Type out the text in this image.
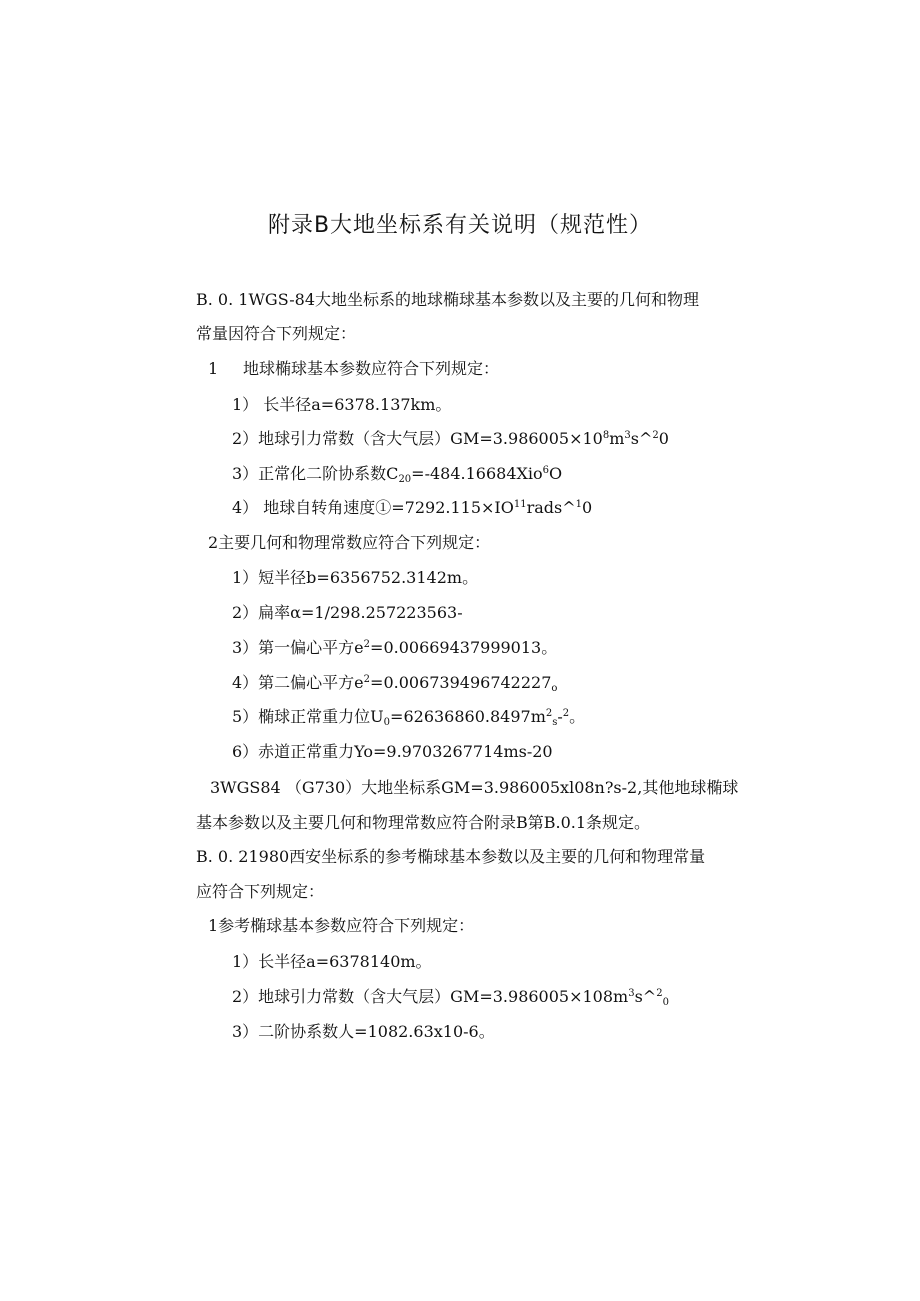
附录B大地坐标系有关说明（规范性）
B. 0. 1WGS-84大地坐标系的地球椭球基本参数以及主要的几何和物理
常量因符合下列规定：
1 地球椭球基本参数应符合下列规定：
1） 长半径a=6378.137km。
2）地球引力常数（含大气层）$GM=3.986005\times 10^8m^3s\^{}^20$
3）正常化二阶协系数$C_{20}=-484.16684Xio^6O$
4） 地球自转角速度$①=7292.115\times IO^{11}rads\^{}^10$
2主要几何和物理常数应符合下列规定：
1）短半径b=6356752.3142m。
2）扁率α=1/298.257223563-
3）第一偏心平方$e^2=0.00669437999013$。
4）第二偏心平方$e^2=0.006739496742227_o$
5）椭球正常重力位$U_0=62636860.8497m^2_s-^2$。
6）赤道正常重力Yo=9.9703267714ms-20
3WGS84 （G730）大地坐标系GM=3.986005xl08n?s-2,其他地球椭球
基本参数以及主要几何和物理常数应符合附录B第B.0.1条规定。
B. 0. 21980西安坐标系的参考椭球基本参数以及主要的几何和物理常量
应符合下列规定：
1参考椭球基本参数应符合下列规定：
1）长半径a=6378140m。
2）地球引力常数（含大气层）$GM=3.986005\times 108m^3s\^{}^2_0$
3）二阶协系数人=1082.63x10-6。
